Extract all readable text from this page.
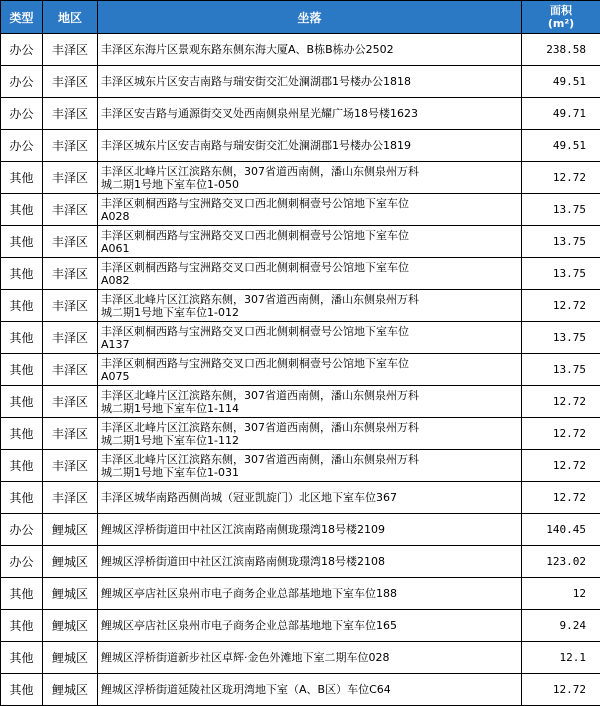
类型	地区	坐落	面积
(m²)
办公	丰泽区	丰泽区东海片区景观东路东侧东海大厦A、B栋B栋办公2502	238.58
办公	丰泽区	丰泽区城东片区安吉南路与瑞安街交汇处澜湖郡1号楼办公1818	49.51
办公	丰泽区	丰泽区安吉路与通源街交叉处西南侧泉州星光耀广场18号楼1623	49.71
办公	丰泽区	丰泽区城东片区安吉南路与瑞安街交汇处澜湖郡1号楼办公1819	49.51
其他	丰泽区	丰泽区北峰片区江滨路东侧，307省道西南侧，潘山东侧泉州万科
城二期1号地下室车位1-050	12.72
其他	丰泽区	丰泽区刺桐西路与宝洲路交叉口西北侧刺桐壹号公馆地下室车位
A028	13.75
其他	丰泽区	丰泽区刺桐西路与宝洲路交叉口西北侧刺桐壹号公馆地下室车位
A061	13.75
其他	丰泽区	丰泽区刺桐西路与宝洲路交叉口西北侧刺桐壹号公馆地下室车位
A082	13.75
其他	丰泽区	丰泽区北峰片区江滨路东侧，307省道西南侧，潘山东侧泉州万科
城二期1号地下室车位1-012	12.72
其他	丰泽区	丰泽区刺桐西路与宝洲路交叉口西北侧刺桐壹号公馆地下室车位
A137	13.75
其他	丰泽区	丰泽区刺桐西路与宝洲路交叉口西北侧刺桐壹号公馆地下室车位
A075	13.75
其他	丰泽区	丰泽区北峰片区江滨路东侧，307省道西南侧，潘山东侧泉州万科
城二期1号地下室车位1-114	12.72
其他	丰泽区	丰泽区北峰片区江滨路东侧，307省道西南侧，潘山东侧泉州万科
城二期1号地下室车位1-112	12.72
其他	丰泽区	丰泽区北峰片区江滨路东侧，307省道西南侧，潘山东侧泉州万科
城二期1号地下室车位1-031	12.72
其他	丰泽区	丰泽区城华南路西侧尚城（冠亚凯旋门）北区地下室车位367	12.72
办公	鲤城区	鲤城区浮桥街道田中社区江滨南路南侧珑璟湾18号楼2109	140.45
办公	鲤城区	鲤城区浮桥街道田中社区江滨南路南侧珑璟湾18号楼2108	123.02
其他	鲤城区	鲤城区亭店社区泉州市电子商务企业总部基地地下室车位188	12
其他	鲤城区	鲤城区亭店社区泉州市电子商务企业总部基地地下室车位165	9.24
其他	鲤城区	鲤城区浮桥街道新步社区卓辉·金色外滩地下室二期车位028	12.1
其他	鲤城区	鲤城区浮桥街道延陵社区珑玥湾地下室（A、B区）车位C64	12.72
